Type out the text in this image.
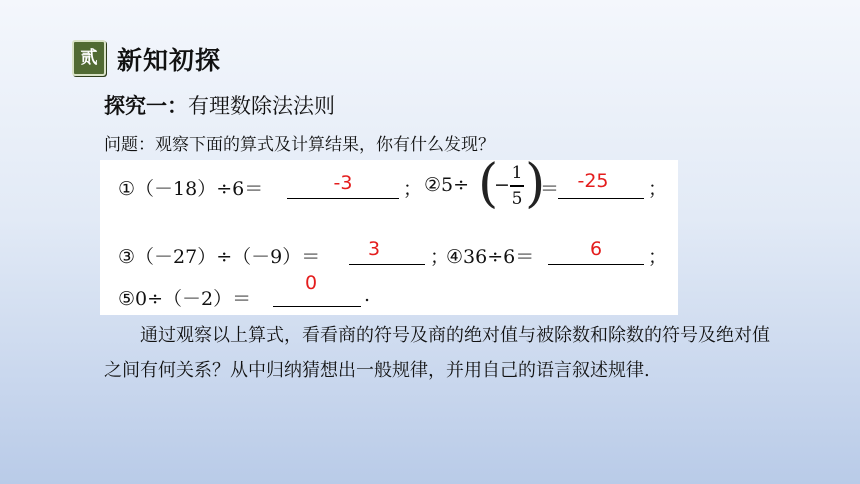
贰 新知初探
探究一：有理数除法法则
问题：观察下面的算式及计算结果，你有什么发现？
①（－18）÷6＝	-3	； ②5÷ (
−
1
5 )
＝ -25	；
③（－27）÷（－9）＝	3	；
④36÷6＝	6	；
⑤0÷（－2）＝
0
.
通过观察以上算式，看看商的符号及商的绝对值与被除数和除数的符号及绝对值之间有何关系？从中归纳猜想出一般规律，并用自己的语言叙述规律.
